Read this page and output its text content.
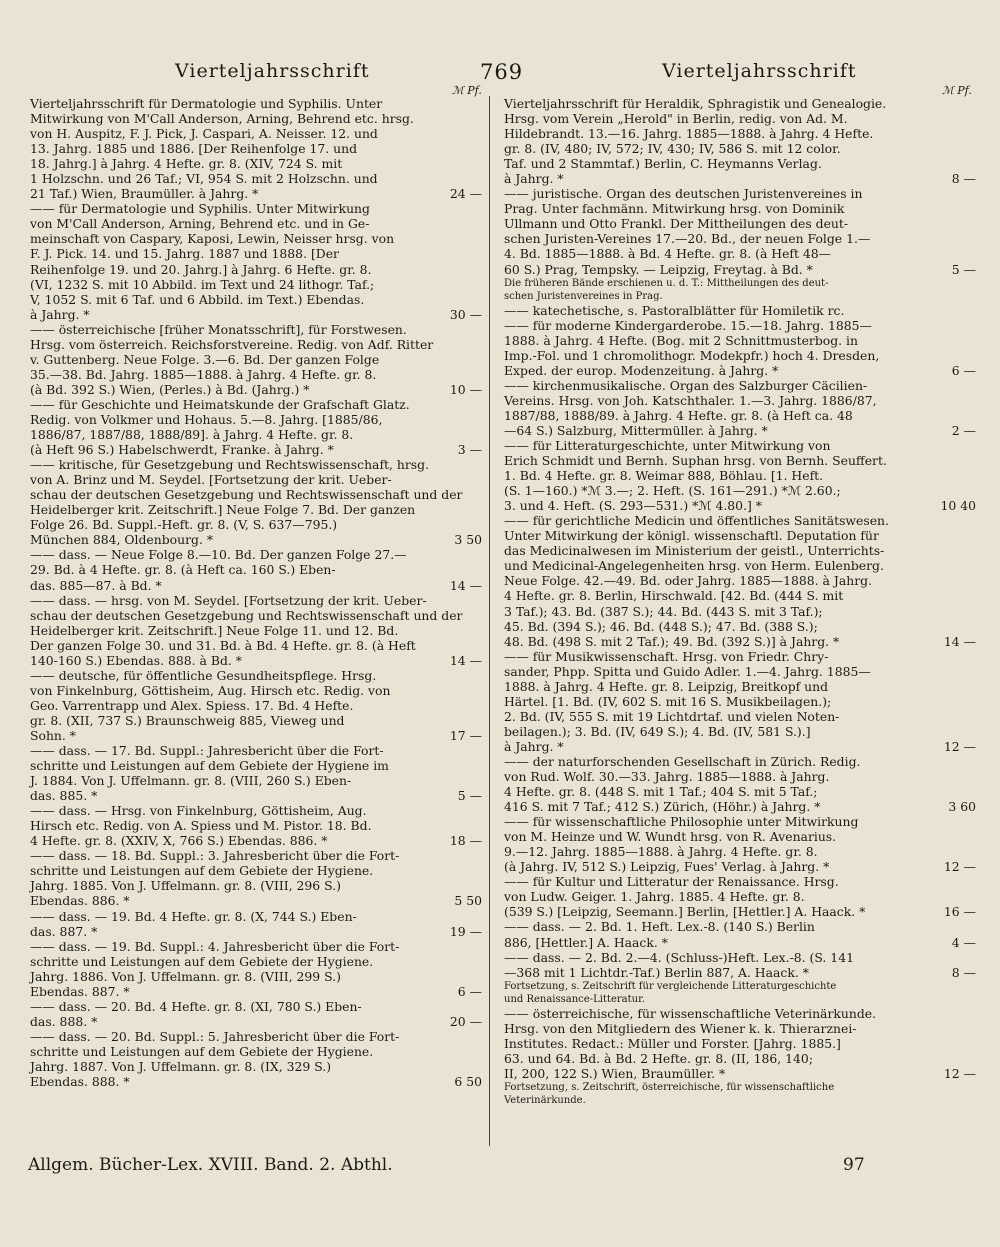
Vierteljahrsschrift	769	Vierteljahrsschrift
ℳ Pf.	ℳ Pf.
Vierteljahrsschrift für Dermatologie und Syphilis. Unter
Mitwirkung von M'Call Anderson, Arning, Behrend etc. hrsg.
von H. Auspitz, F. J. Pick, J. Caspari, A. Neisser. 12. und
13. Jahrg. 1885 und 1886. [Der Reihenfolge 17. und
18. Jahrg.] à Jahrg. 4 Hefte. gr. 8. (XIV, 724 S. mit
1 Holzschn. und 26 Taf.; VI, 954 S. mit 2 Holzschn. und
21 Taf.) Wien, Braumüller. à Jahrg. *	24 —
—— für Dermatologie und Syphilis. Unter Mitwirkung
von M'Call Anderson, Arning, Behrend etc. und in Ge-
meinschaft von Caspary, Kaposi, Lewin, Neisser hrsg. von
F. J. Pick. 14. und 15. Jahrg. 1887 und 1888. [Der
Reihenfolge 19. und 20. Jahrg.] à Jahrg. 6 Hefte. gr. 8.
(VI, 1232 S. mit 10 Abbild. im Text und 24 lithogr. Taf.;
V, 1052 S. mit 6 Taf. und 6 Abbild. im Text.) Ebendas.
à Jahrg. *	30 —
—— österreichische [früher Monatsschrift], für Forstwesen.
Hrsg. vom österreich. Reichsforstvereine. Redig. von Adf. Ritter
v. Guttenberg. Neue Folge. 3.—6. Bd. Der ganzen Folge
35.—38. Bd. Jahrg. 1885—1888. à Jahrg. 4 Hefte. gr. 8.
(à Bd. 392 S.) Wien, (Perles.) à Bd. (Jahrg.) *	10 —
—— für Geschichte und Heimatskunde der Grafschaft Glatz.
Redig. von Volkmer und Hohaus. 5.—8. Jahrg. [1885/86,
1886/87, 1887/88, 1888/89]. à Jahrg. 4 Hefte. gr. 8.
(à Heft 96 S.) Habelschwerdt, Franke. à Jahrg. *	3 —
—— kritische, für Gesetzgebung und Rechtswissenschaft, hrsg.
von A. Brinz und M. Seydel. [Fortsetzung der krit. Ueber-
schau der deutschen Gesetzgebung und Rechtswissenschaft und der
Heidelberger krit. Zeitschrift.] Neue Folge 7. Bd. Der ganzen
Folge 26. Bd. Suppl.-Heft. gr. 8. (V, S. 637—795.)
München 884, Oldenbourg. *	3 50
—— dass. — Neue Folge 8.—10. Bd. Der ganzen Folge 27.—
29. Bd. à 4 Hefte. gr. 8. (à Heft ca. 160 S.) Eben-
das. 885—87. à Bd. *	14 —
—— dass. — hrsg. von M. Seydel. [Fortsetzung der krit. Ueber-
schau der deutschen Gesetzgebung und Rechtswissenschaft und der
Heidelberger krit. Zeitschrift.] Neue Folge 11. und 12. Bd.
Der ganzen Folge 30. und 31. Bd. à Bd. 4 Hefte. gr. 8. (à Heft
140-160 S.) Ebendas. 888. à Bd. *	14 —
—— deutsche, für öffentliche Gesundheitspflege. Hrsg.
von Finkelnburg, Göttisheim, Aug. Hirsch etc. Redig. von
Geo. Varrentrapp und Alex. Spiess. 17. Bd. 4 Hefte.
gr. 8. (XII, 737 S.) Braunschweig 885, Vieweg und
Sohn. *	17 —
—— dass. — 17. Bd. Suppl.: Jahresbericht über die Fort-
schritte und Leistungen auf dem Gebiete der Hygiene im
J. 1884. Von J. Uffelmann. gr. 8. (VIII, 260 S.) Eben-
das. 885. *	5 —
—— dass. — Hrsg. von Finkelnburg, Göttisheim, Aug.
Hirsch etc. Redig. von A. Spiess und M. Pistor. 18. Bd.
4 Hefte. gr. 8. (XXIV, X, 766 S.) Ebendas. 886. *	18 —
—— dass. — 18. Bd. Suppl.: 3. Jahresbericht über die Fort-
schritte und Leistungen auf dem Gebiete der Hygiene.
Jahrg. 1885. Von J. Uffelmann. gr. 8. (VIII, 296 S.)
Ebendas. 886. *	5 50
—— dass. — 19. Bd. 4 Hefte. gr. 8. (X, 744 S.) Eben-
das. 887. *	19 —
—— dass. — 19. Bd. Suppl.: 4. Jahresbericht über die Fort-
schritte und Leistungen auf dem Gebiete der Hygiene.
Jahrg. 1886. Von J. Uffelmann. gr. 8. (VIII, 299 S.)
Ebendas. 887. *	6 —
—— dass. — 20. Bd. 4 Hefte. gr. 8. (XI, 780 S.) Eben-
das. 888. *	20 —
—— dass. — 20. Bd. Suppl.: 5. Jahresbericht über die Fort-
schritte und Leistungen auf dem Gebiete der Hygiene.
Jahrg. 1887. Von J. Uffelmann. gr. 8. (IX, 329 S.)
Ebendas. 888. *	6 50
Vierteljahrsschrift für Heraldik, Sphragistik und Genealogie.
Hrsg. vom Verein „Herold" in Berlin, redig. von Ad. M.
Hildebrandt. 13.—16. Jahrg. 1885—1888. à Jahrg. 4 Hefte.
gr. 8. (IV, 480; IV, 572; IV, 430; IV, 586 S. mit 12 color.
Taf. und 2 Stammtaf.) Berlin, C. Heymanns Verlag.
à Jahrg. *	8 —
—— juristische. Organ des deutschen Juristenvereines in
Prag. Unter fachmänn. Mitwirkung hrsg. von Dominik
Ullmann und Otto Frankl. Der Mittheilungen des deut-
schen Juristen-Vereines 17.—20. Bd., der neuen Folge 1.—
4. Bd. 1885—1888. à Bd. 4 Hefte. gr. 8. (à Heft 48—
60 S.) Prag, Tempsky. — Leipzig, Freytag. à Bd. *	5 —
Die früheren Bände erschienen u. d. T.: Mittheilungen des deut-
schen Juristenvereines in Prag.
—— katechetische, s. Pastoralblätter für Homiletik rc.
—— für moderne Kindergarderobe. 15.—18. Jahrg. 1885—
1888. à Jahrg. 4 Hefte. (Bog. mit 2 Schnittmusterbog. in
Imp.-Fol. und 1 chromolithogr. Modekpfr.) hoch 4. Dresden,
Exped. der europ. Modenzeitung. à Jahrg. *	6 —
—— kirchenmusikalische. Organ des Salzburger Cäcilien-
Vereins. Hrsg. von Joh. Katschthaler. 1.—3. Jahrg. 1886/87,
1887/88, 1888/89. à Jahrg. 4 Hefte. gr. 8. (à Heft ca. 48
—64 S.) Salzburg, Mittermüller. à Jahrg. *	2 —
—— für Litteraturgeschichte, unter Mitwirkung von
Erich Schmidt und Bernh. Suphan hrsg. von Bernh. Seuffert.
1. Bd. 4 Hefte. gr. 8. Weimar 888, Böhlau. [1. Heft.
(S. 1—160.) *ℳ 3.—; 2. Heft. (S. 161—291.) *ℳ 2.60.;
3. und 4. Heft. (S. 293—531.) *ℳ 4.80.] *	10 40
—— für gerichtliche Medicin und öffentliches Sanitätswesen.
Unter Mitwirkung der königl. wissenschaftl. Deputation für
das Medicinalwesen im Ministerium der geistl., Unterrichts-
und Medicinal-Angelegenheiten hrsg. von Herm. Eulenberg.
Neue Folge. 42.—49. Bd. oder Jahrg. 1885—1888. à Jahrg.
4 Hefte. gr. 8. Berlin, Hirschwald. [42. Bd. (444 S. mit
3 Taf.); 43. Bd. (387 S.); 44. Bd. (443 S. mit 3 Taf.);
45. Bd. (394 S.); 46. Bd. (448 S.); 47. Bd. (388 S.);
48. Bd. (498 S. mit 2 Taf.); 49. Bd. (392 S.)] à Jahrg. *	14 —
—— für Musikwissenschaft. Hrsg. von Friedr. Chry-
sander, Phpp. Spitta und Guido Adler. 1.—4. Jahrg. 1885—
1888. à Jahrg. 4 Hefte. gr. 8. Leipzig, Breitkopf und
Härtel. [1. Bd. (IV, 602 S. mit 16 S. Musikbeilagen.);
2. Bd. (IV, 555 S. mit 19 Lichtdrtaf. und vielen Noten-
beilagen.); 3. Bd. (IV, 649 S.); 4. Bd. (IV, 581 S.).]
à Jahrg. *	12 —
—— der naturforschenden Gesellschaft in Zürich. Redig.
von Rud. Wolf. 30.—33. Jahrg. 1885—1888. à Jahrg.
4 Hefte. gr. 8. (448 S. mit 1 Taf.; 404 S. mit 5 Taf.;
416 S. mit 7 Taf.; 412 S.) Zürich, (Höhr.) à Jahrg. *	3 60
—— für wissenschaftliche Philosophie unter Mitwirkung
von M. Heinze und W. Wundt hrsg. von R. Avenarius.
9.—12. Jahrg. 1885—1888. à Jahrg. 4 Hefte. gr. 8.
(à Jahrg. IV, 512 S.) Leipzig, Fues' Verlag. à Jahrg. *	12 —
—— für Kultur und Litteratur der Renaissance. Hrsg.
von Ludw. Geiger. 1. Jahrg. 1885. 4 Hefte. gr. 8.
(539 S.) [Leipzig, Seemann.] Berlin, [Hettler.] A. Haack. *	16 —
—— dass. — 2. Bd. 1. Heft. Lex.-8. (140 S.) Berlin
886, [Hettler.] A. Haack. *	4 —
—— dass. — 2. Bd. 2.—4. (Schluss-)Heft. Lex.-8. (S. 141
—368 mit 1 Lichtdr.-Taf.) Berlin 887, A. Haack. *	8 —
Fortsetzung, s. Zeitschrift für vergleichende Litteraturgeschichte
und Renaissance-Litteratur.
—— österreichische, für wissenschaftliche Veterinärkunde.
Hrsg. von den Mitgliedern des Wiener k. k. Thierarznei-
Institutes. Redact.: Müller und Forster. [Jahrg. 1885.]
63. und 64. Bd. à Bd. 2 Hefte. gr. 8. (II, 186, 140;
II, 200, 122 S.) Wien, Braumüller. *	12 —
Fortsetzung, s. Zeitschrift, österreichische, für wissenschaftliche
Veterinärkunde.
Allgem. Bücher-Lex. XVIII. Band. 2. Abthl.	97
